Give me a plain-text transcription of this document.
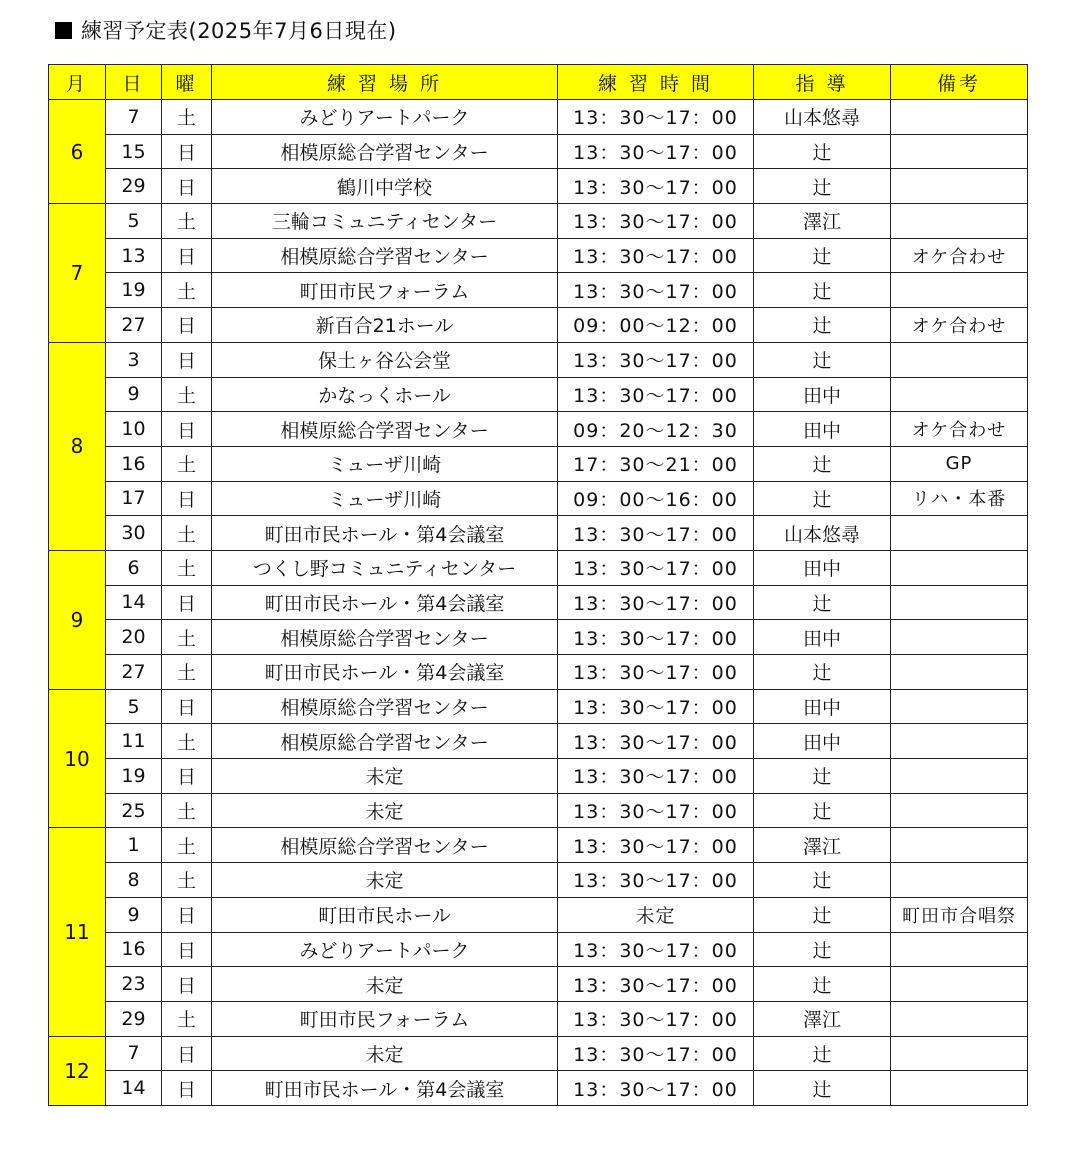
練習予定表(2025年7月6日現在)
月	日	曜	練 習 場 所	練 習 時 間	指 導	備考
6	7	土	みどりアートパーク	13：30～17：00	山本悠尋	
	15	日	相模原総合学習センター	13：30～17：00	辻	
	29	日	鶴川中学校	13：30～17：00	辻	
7	5	土	三輪コミュニティセンター	13：30～17：00	澤江	
	13	日	相模原総合学習センター	13：30～17：00	辻	オケ合わせ
	19	土	町田市民フォーラム	13：30～17：00	辻	
	27	日	新百合21ホール	09：00～12：00	辻	オケ合わせ
8	3	日	保土ヶ谷公会堂	13：30～17：00	辻	
	9	土	かなっくホール	13：30～17：00	田中	
	10	日	相模原総合学習センター	09：20～12：30	田中	オケ合わせ
	16	土	ミューザ川崎	17：30～21：00	辻	GP
	17	日	ミューザ川崎	09：00～16：00	辻	リハ・本番
	30	土	町田市民ホール・第4会議室	13：30～17：00	山本悠尋	
9	6	土	つくし野コミュニティセンター	13：30～17：00	田中	
	14	日	町田市民ホール・第4会議室	13：30～17：00	辻	
	20	土	相模原総合学習センター	13：30～17：00	田中	
	27	土	町田市民ホール・第4会議室	13：30～17：00	辻	
10	5	日	相模原総合学習センター	13：30～17：00	田中	
	11	土	相模原総合学習センター	13：30～17：00	田中	
	19	日	未定	13：30～17：00	辻	
	25	土	未定	13：30～17：00	辻	
11	1	土	相模原総合学習センター	13：30～17：00	澤江	
	8	土	未定	13：30～17：00	辻	
	9	日	町田市民ホール	未定	辻	町田市合唱祭
	16	日	みどりアートパーク	13：30～17：00	辻	
	23	日	未定	13：30～17：00	辻	
	29	土	町田市民フォーラム	13：30～17：00	澤江	
12	7	日	未定	13：30～17：00	辻	
	14	日	町田市民ホール・第4会議室	13：30～17：00	辻	
